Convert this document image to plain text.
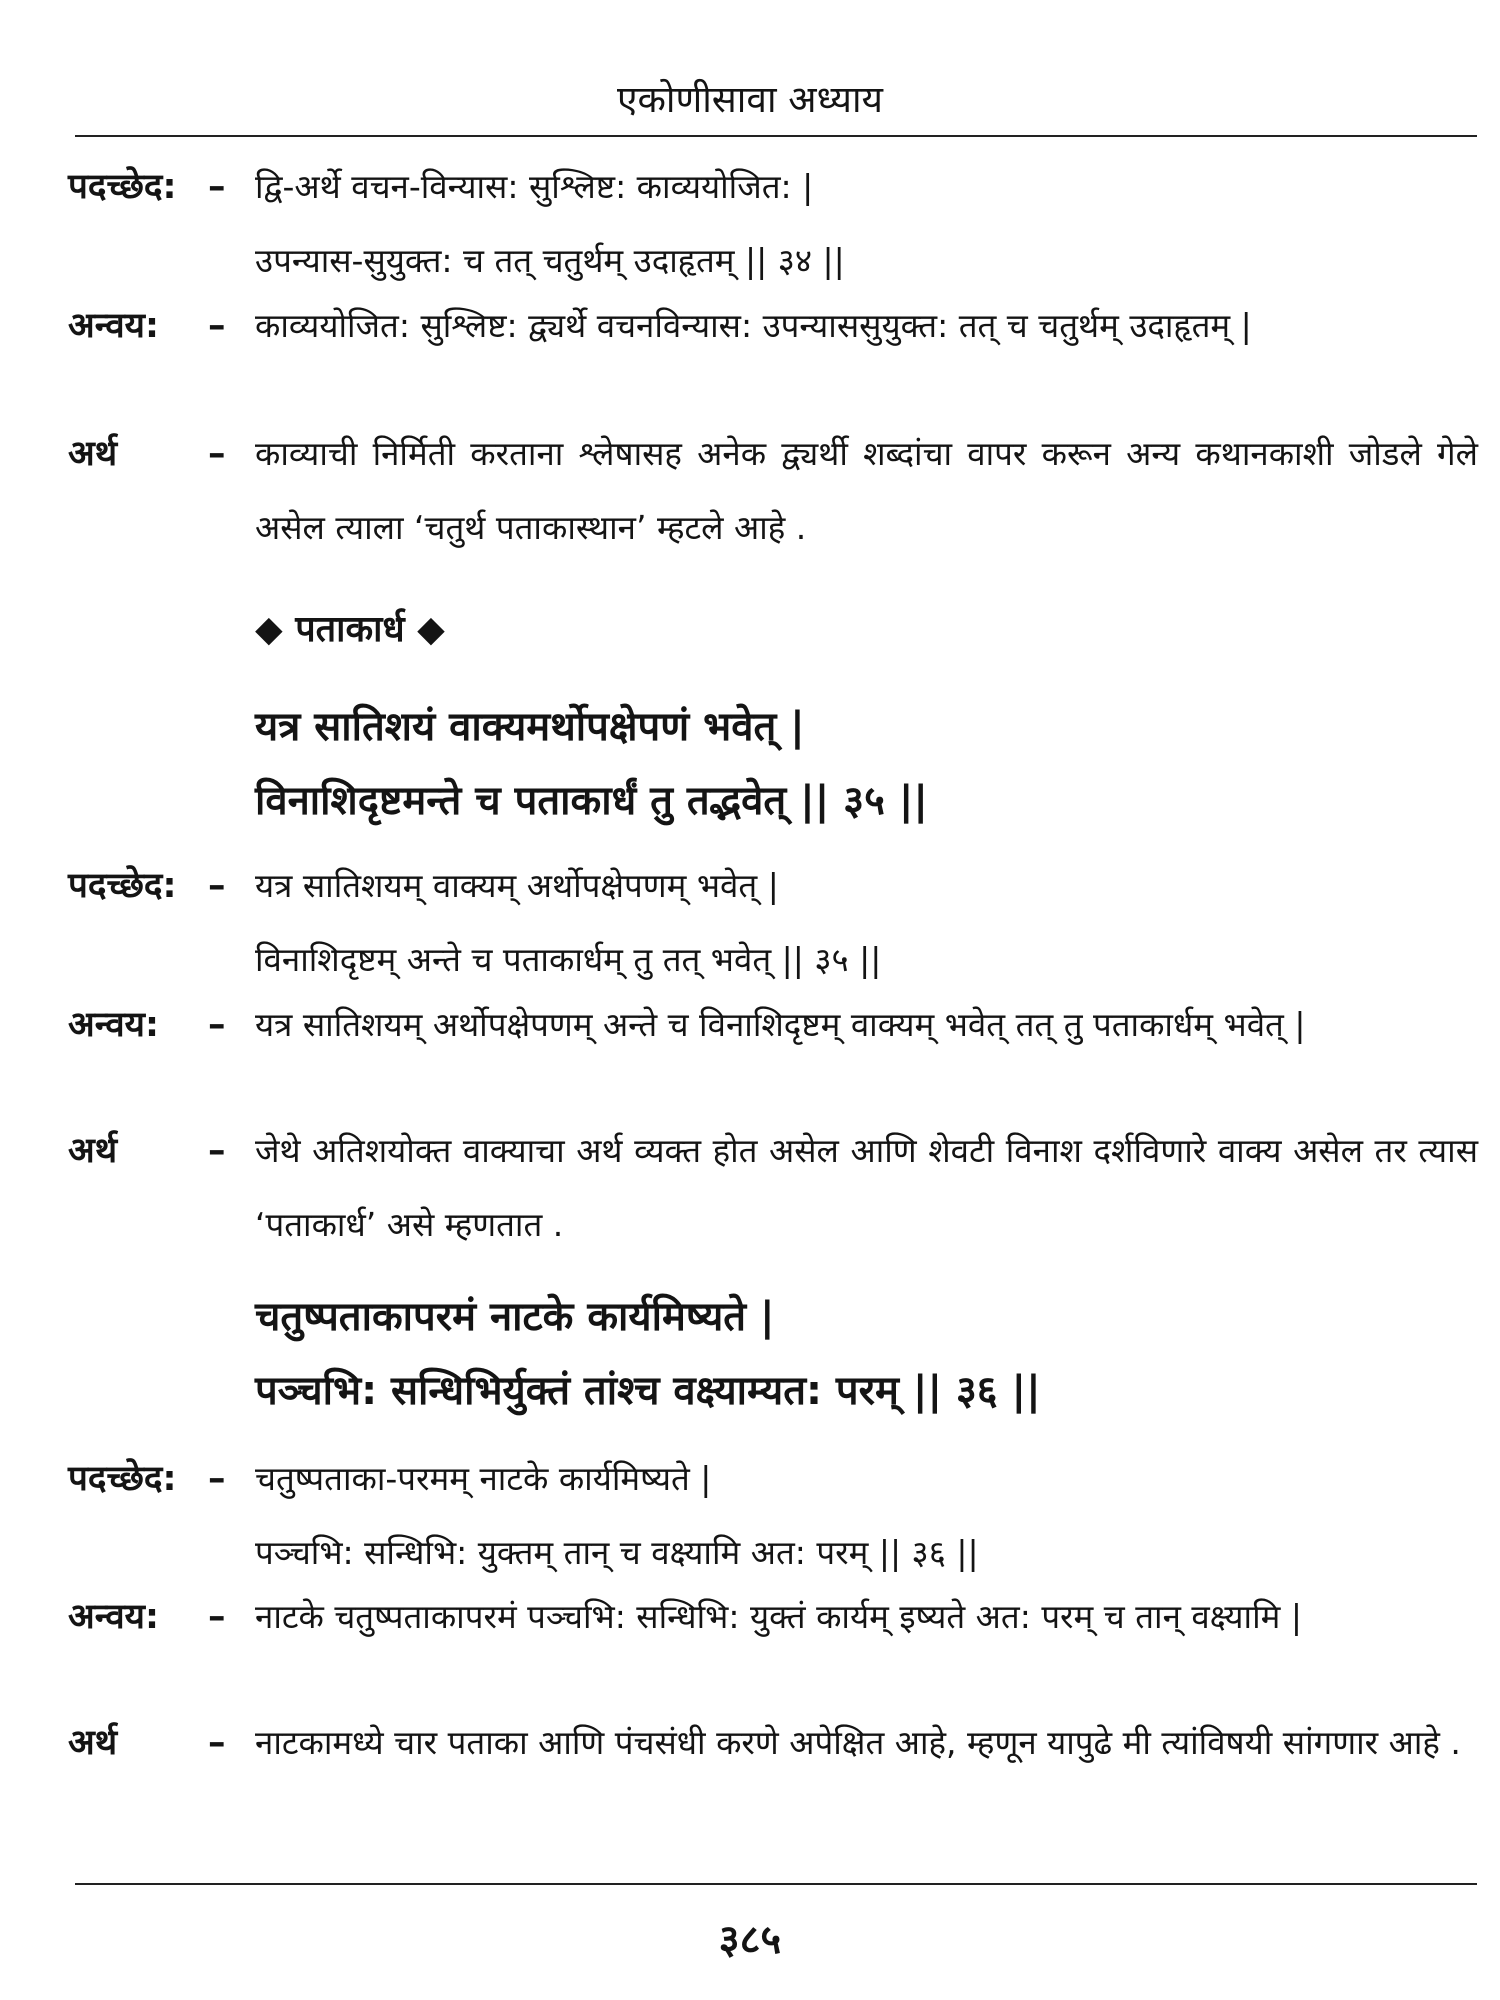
एकोणीसावा अध्याय
पदच्छेद: – द्वि-अर्थे वचन-विन्यास: सुश्लिष्ट: काव्ययोजित: |
उपन्यास-सुयुक्त: च तत् चतुर्थम् उदाहृतम् || ३४ ||
अन्वय: – काव्ययोजित: सुश्लिष्ट: द्व्यर्थे वचनविन्यास: उपन्याससुयुक्त: तत् च चतुर्थम् उदाहृतम् |
अर्थ	– काव्याची निर्मिती करताना श्लेषासह अनेक द्व्यर्थी शब्दांचा वापर करून अन्य कथानकाशी जोडले गेले असेल त्याला ‘चतुर्थ पताकास्थान’ म्हटले आहे .
◆ पताकार्ध ◆
यत्र सातिशयं वाक्यमर्थोपक्षेपणं भवेत् |
विनाशिदृष्टमन्ते च पताकार्धं तु तद्भवेत् || ३५ ||
पदच्छेद: – यत्र सातिशयम् वाक्यम् अर्थोपक्षेपणम् भवेत् |
विनाशिदृष्टम् अन्ते च पताकार्धम् तु तत् भवेत् || ३५ ||
अन्वय: – यत्र सातिशयम् अर्थोपक्षेपणम् अन्ते च विनाशिदृष्टम् वाक्यम् भवेत् तत् तु पताकार्धम् भवेत् |
अर्थ	– जेथे अतिशयोक्त वाक्याचा अर्थ व्यक्त होत असेल आणि शेवटी विनाश दर्शविणारे वाक्य असेल तर त्यास ‘पताकार्ध’ असे म्हणतात .
चतुष्पताकापरमं नाटके कार्यमिष्यते |
पञ्चभि: सन्धिभिर्युक्तं तांश्च वक्ष्याम्यत: परम् || ३६ ||
पदच्छेद: – चतुष्पताका-परमम् नाटके कार्यमिष्यते |
पञ्चभि: सन्धिभि: युक्तम् तान् च वक्ष्यामि अत: परम् || ३६ ||
अन्वय: – नाटके चतुष्पताकापरमं पञ्चभि: सन्धिभि: युक्तं कार्यम् इष्यते अत: परम् च तान् वक्ष्यामि |
अर्थ	– नाटकामध्ये चार पताका आणि पंचसंधी करणे अपेक्षित आहे, म्हणून यापुढे मी त्यांविषयी सांगणार आहे .
३८५
